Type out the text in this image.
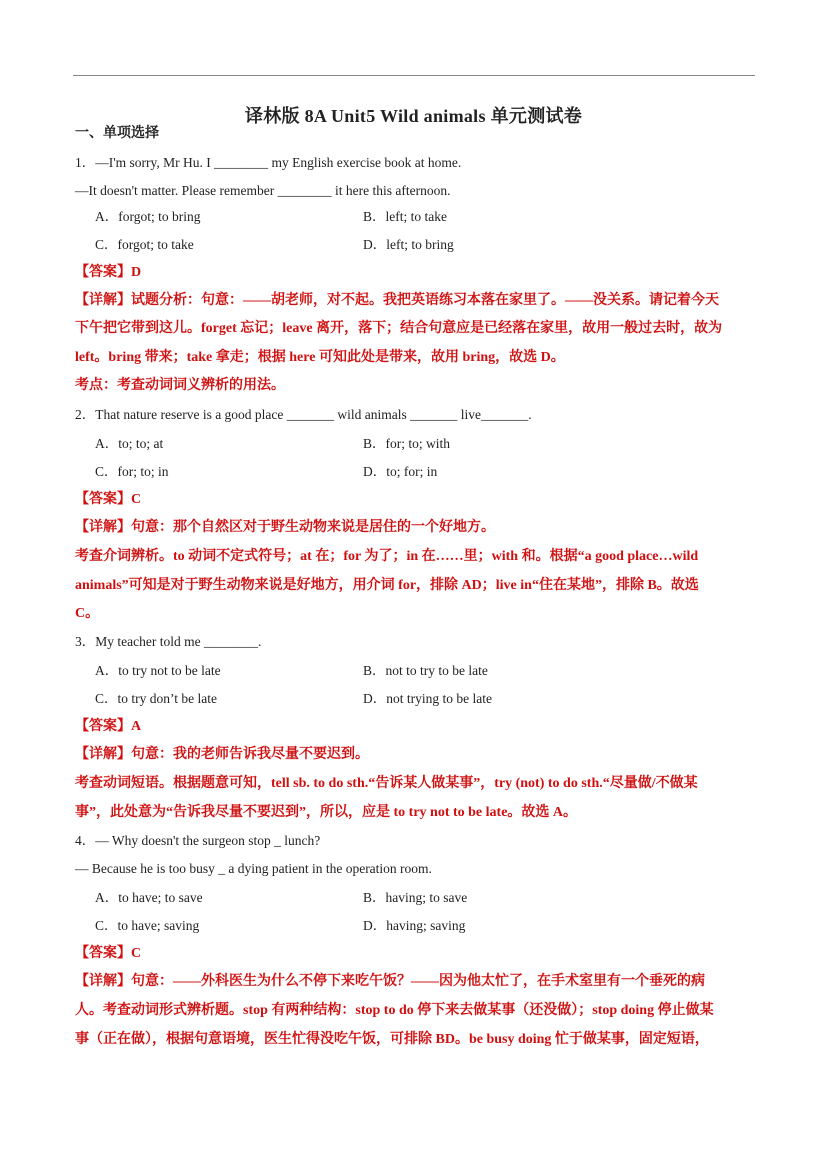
译林版 8A Unit5 Wild animals 单元测试卷
一、单项选择
1．—I'm sorry, Mr Hu. I ________ my English exercise book at home.
—It doesn't matter. Please remember ________ it here this afternoon.
A．forgot; to bring	B．left; to take
C．forgot; to take	D．left; to bring
【答案】D
【详解】试题分析：句意：——胡老师，对不起。我把英语练习本落在家里了。——没关系。请记着今天
下午把它带到这儿。forget 忘记；leave 离开，落下；结合句意应是已经落在家里，故用一般过去时，故为
left。bring 带来；take 拿走；根据 here 可知此处是带来，故用 bring，故选 D。
考点：考查动词词义辨析的用法。
2．That nature reserve is a good place _______ wild animals _______ live_______.
A．to; to; at	B．for; to; with
C．for; to; in	D．to; for; in
【答案】C
【详解】句意：那个自然区对于野生动物来说是居住的一个好地方。
考查介词辨析。to 动词不定式符号；at 在；for 为了；in 在……里；with 和。根据“a good place…wild
animals”可知是对于野生动物来说是好地方，用介词 for，排除 AD；live in“住在某地”，排除 B。故选
C。
3．My teacher told me ________.
A．to try not to be late	B．not to try to be late
C．to try don’t be late	D．not trying to be late
【答案】A
【详解】句意：我的老师告诉我尽量不要迟到。
考查动词短语。根据题意可知，tell sb. to do sth.“告诉某人做某事”，try (not) to do sth.“尽量做/不做某
事”，此处意为“告诉我尽量不要迟到”，所以，应是 to try not to be late。故选 A。
4．— Why doesn't the surgeon stop _ lunch?
— Because he is too busy _ a dying patient in the operation room.
A．to have; to save	B．having; to save
C．to have; saving	D．having; saving
【答案】C
【详解】句意：——外科医生为什么不停下来吃午饭？——因为他太忙了，在手术室里有一个垂死的病
人。考查动词形式辨析题。stop 有两种结构：stop to do 停下来去做某事（还没做）；stop doing 停止做某
事（正在做），根据句意语境，医生忙得没吃午饭，可排除 BD。be busy doing 忙于做某事，固定短语，
